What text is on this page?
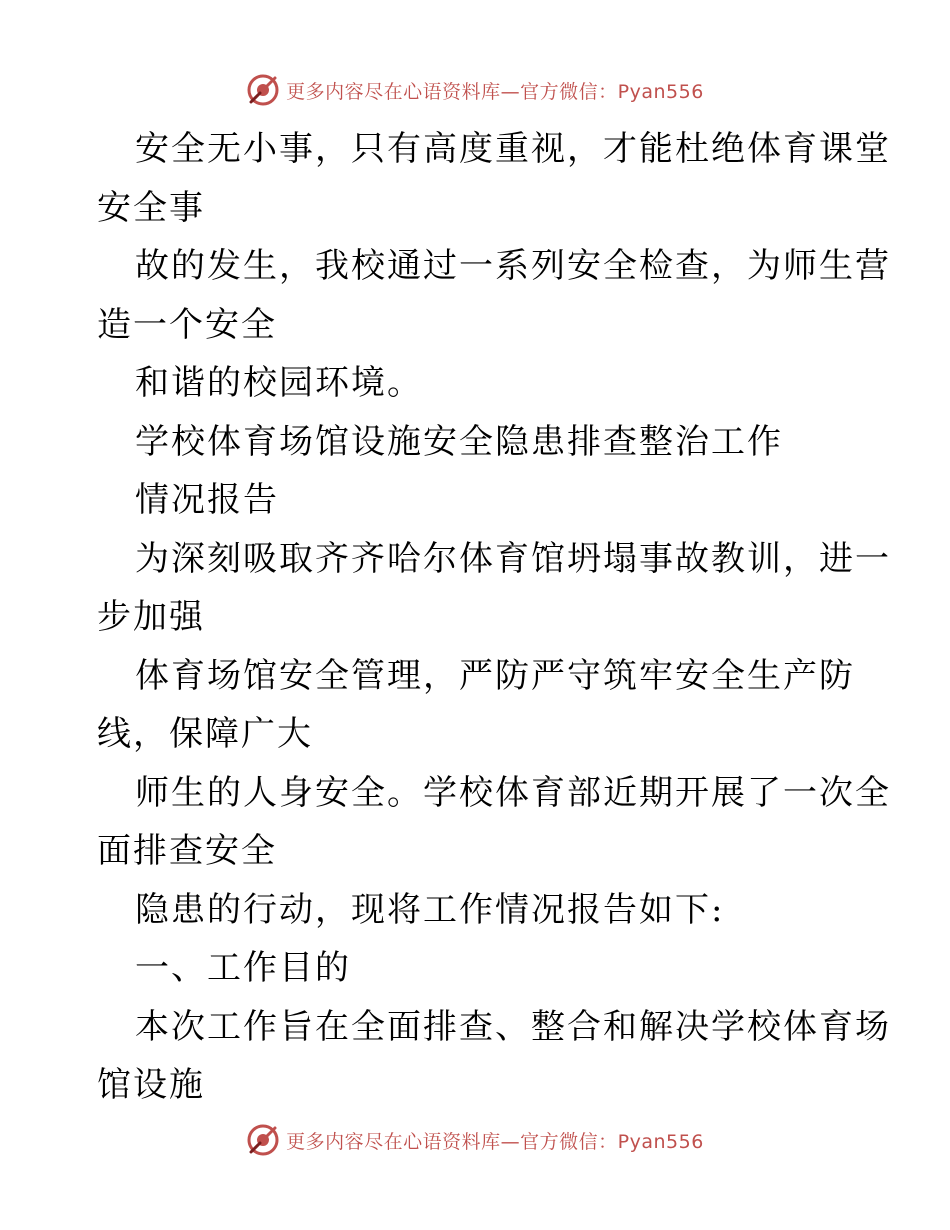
更多内容尽在心语资料库—官方微信：Pyan556

安全无小事，只有高度重视，才能杜绝体育课堂
安全事

故的发生，我校通过一系列安全检查，为师生营
造一个安全

和谐的校园环境。

学校体育场馆设施安全隐患排查整治工作

情况报告

为深刻吸取齐齐哈尔体育馆坍塌事故教训，进一
步加强

体育场馆安全管理，严防严守筑牢安全生产防
线，保障广大

师生的人身安全。学校体育部近期开展了一次全
面排查安全

隐患的行动，现将工作情况报告如下:

一、工作目的

本次工作旨在全面排查、整合和解决学校体育场
馆设施

更多内容尽在心语资料库—官方微信：Pyan556
